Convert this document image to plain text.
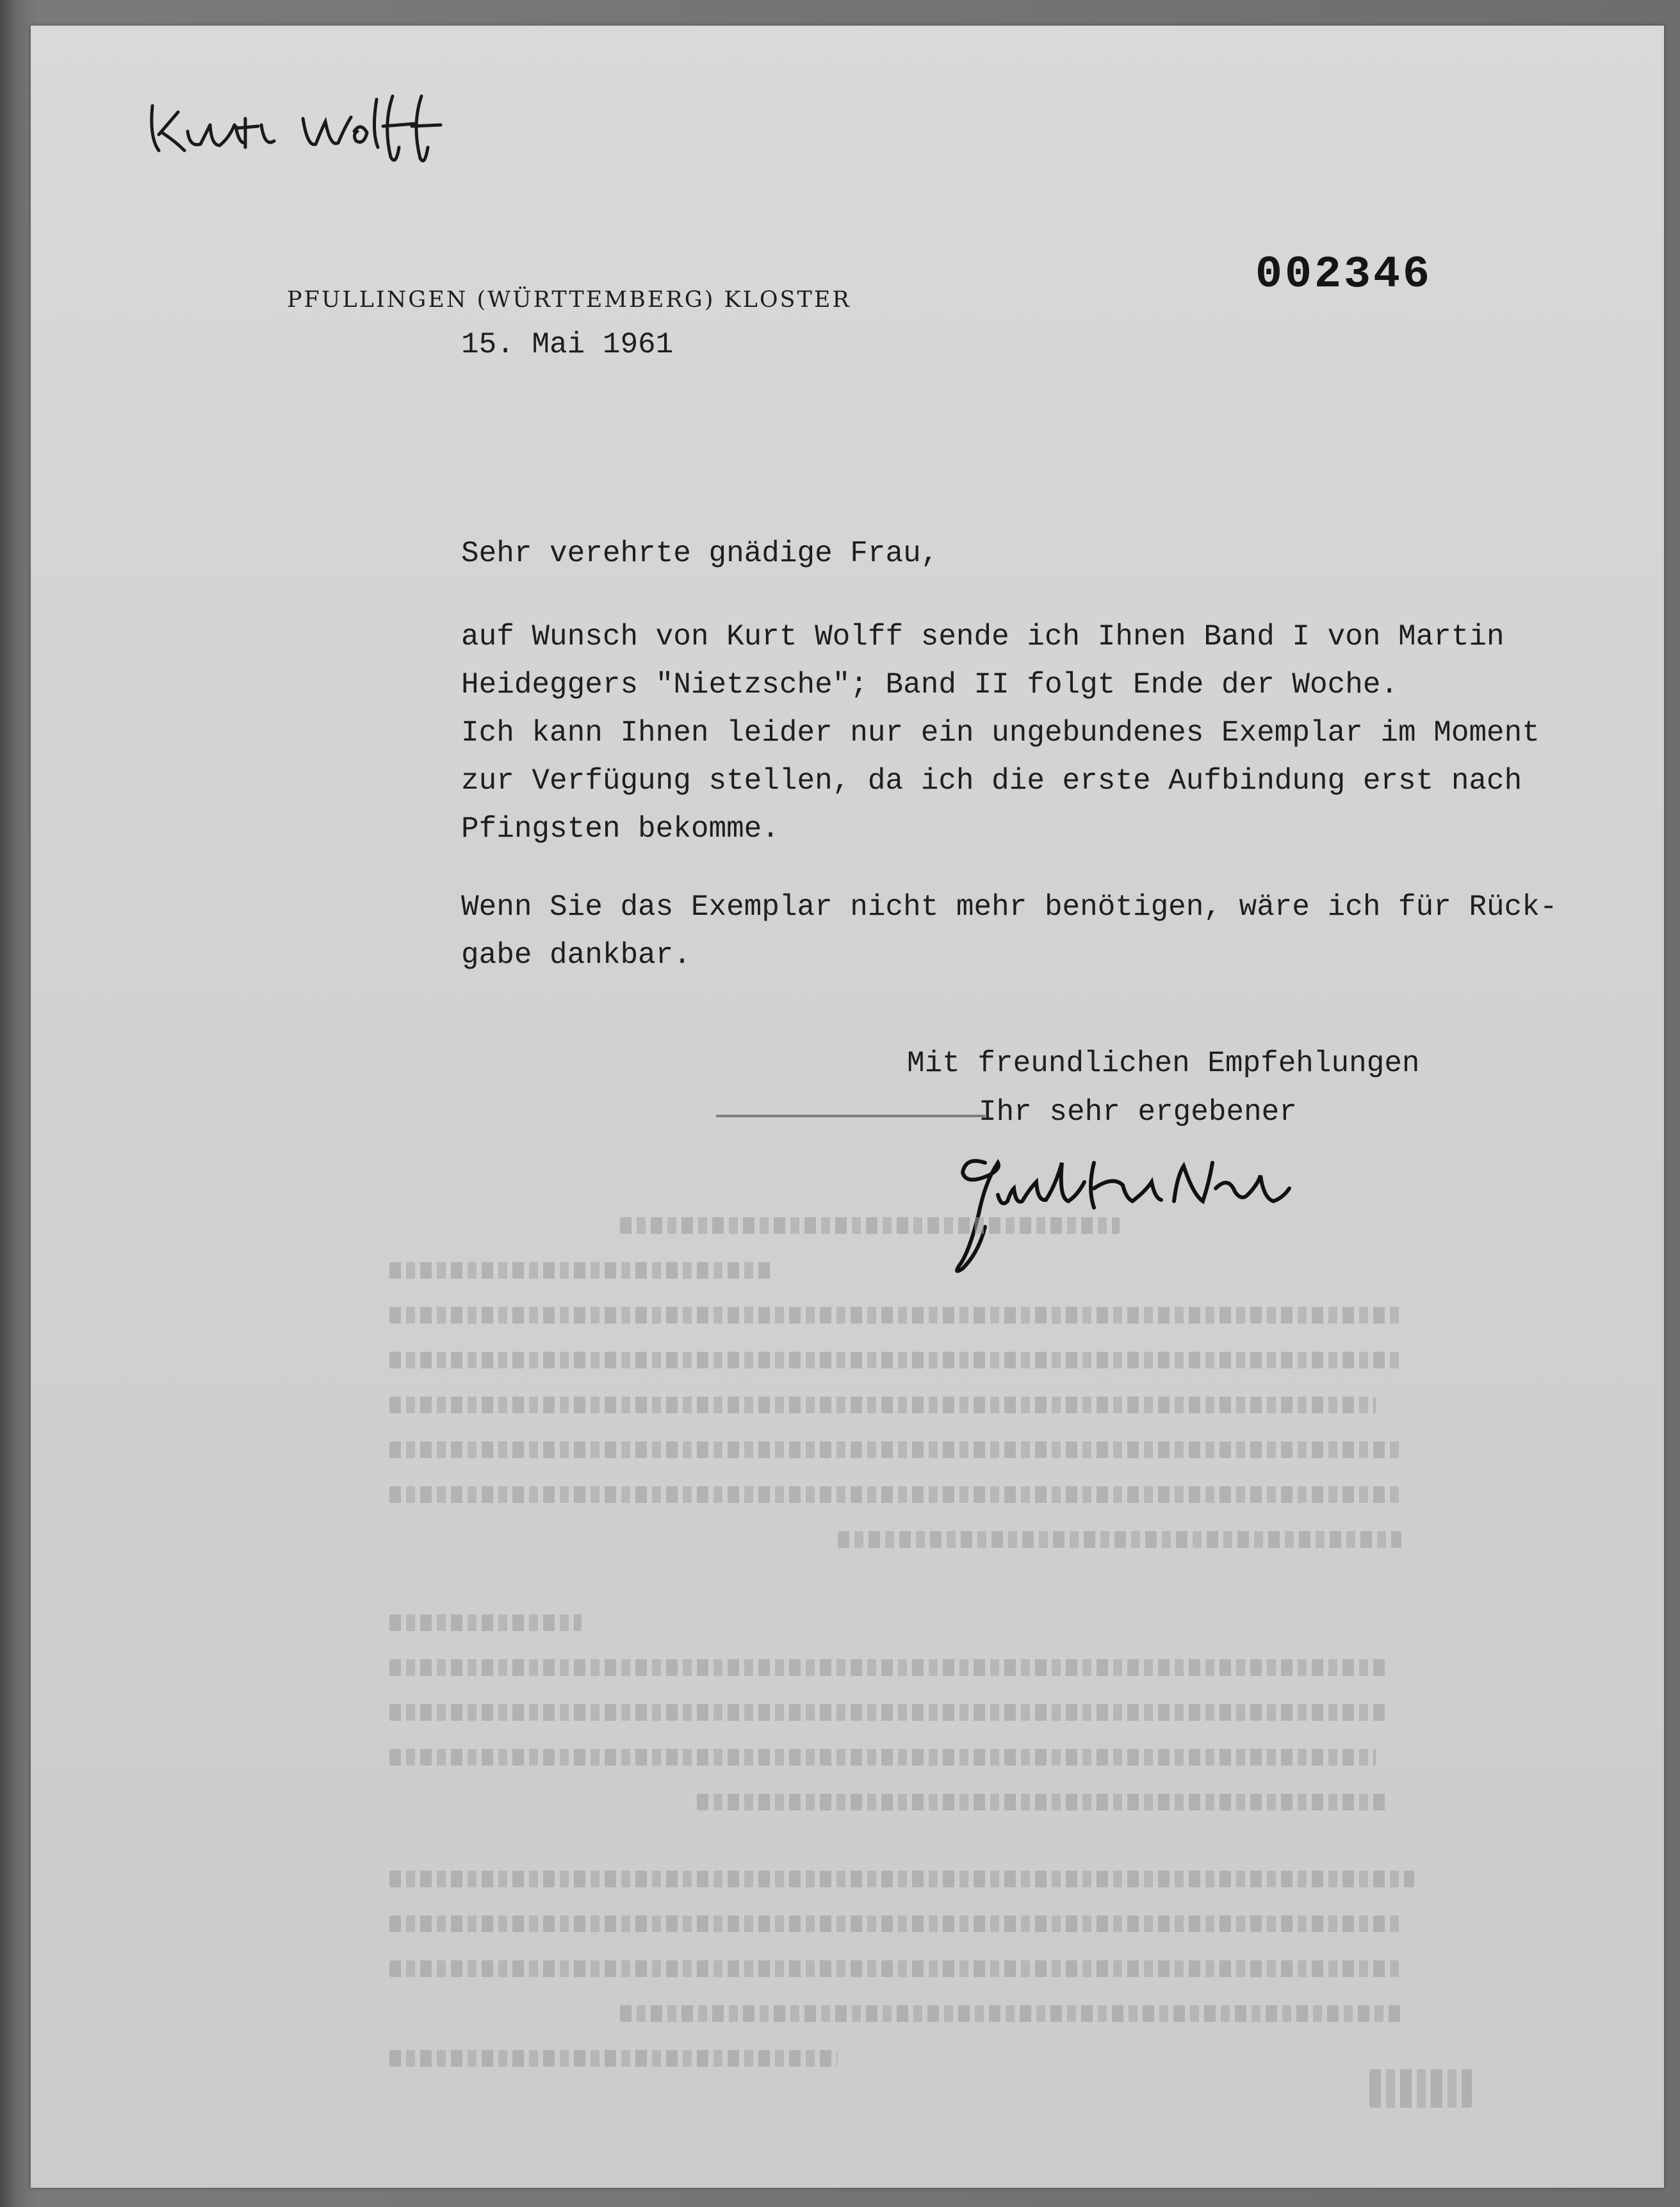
PFULLINGEN (WÜRTTEMBERG) KLOSTER	002346
15. Mai 1961
Sehr verehrte gnädige Frau,
auf Wunsch von Kurt Wolff sende ich Ihnen Band I von Martin
Heideggers "Nietzsche"; Band II folgt Ende der Woche.
Ich kann Ihnen leider nur ein ungebundenes Exemplar im Moment
zur Verfügung stellen, da ich die erste Aufbindung erst nach
Pfingsten bekomme.
Wenn Sie das Exemplar nicht mehr benötigen, wäre ich für Rück-
gabe dankbar.
Mit freundlichen Empfehlungen
Ihr sehr ergebener
